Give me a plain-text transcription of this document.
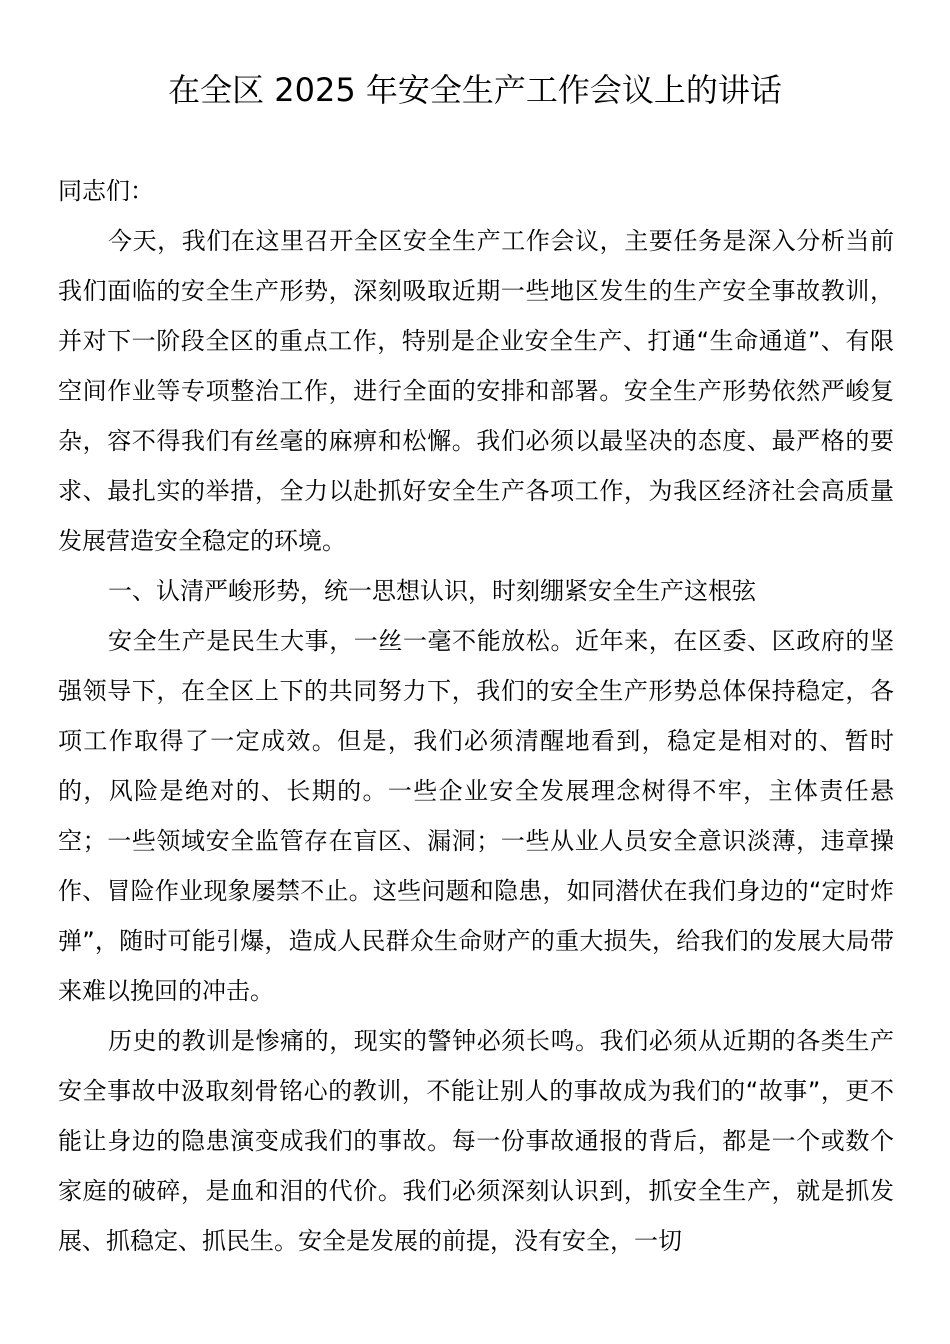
在全区 2025 年安全生产工作会议上的讲话

同志们：

今天，我们在这里召开全区安全生产工作会议，主要任务是深入分析当前我们面临的安全生产形势，深刻吸取近期一些地区发生的生产安全事故教训，并对下一阶段全区的重点工作，特别是企业安全生产、打通“生命通道”、有限空间作业等专项整治工作，进行全面的安排和部署。安全生产形势依然严峻复杂，容不得我们有丝毫的麻痹和松懈。我们必须以最坚决的态度、最严格的要求、最扎实的举措，全力以赴抓好安全生产各项工作，为我区经济社会高质量发展营造安全稳定的环境。

一、认清严峻形势，统一思想认识，时刻绷紧安全生产这根弦

安全生产是民生大事，一丝一毫不能放松。近年来，在区委、区政府的坚强领导下，在全区上下的共同努力下，我们的安全生产形势总体保持稳定，各项工作取得了一定成效。但是，我们必须清醒地看到，稳定是相对的、暂时的，风险是绝对的、长期的。一些企业安全发展理念树得不牢，主体责任悬空；一些领域安全监管存在盲区、漏洞；一些从业人员安全意识淡薄，违章操作、冒险作业现象屡禁不止。这些问题和隐患，如同潜伏在我们身边的“定时炸弹”，随时可能引爆，造成人民群众生命财产的重大损失，给我们的发展大局带来难以挽回的冲击。

历史的教训是惨痛的，现实的警钟必须长鸣。我们必须从近期的各类生产安全事故中汲取刻骨铭心的教训，不能让别人的事故成为我们的“故事”，更不能让身边的隐患演变成我们的事故。每一份事故通报的背后，都是一个或数个家庭的破碎，是血和泪的代价。我们必须深刻认识到，抓安全生产，就是抓发展、抓稳定、抓民生。安全是发展的前提，没有安全，一切
